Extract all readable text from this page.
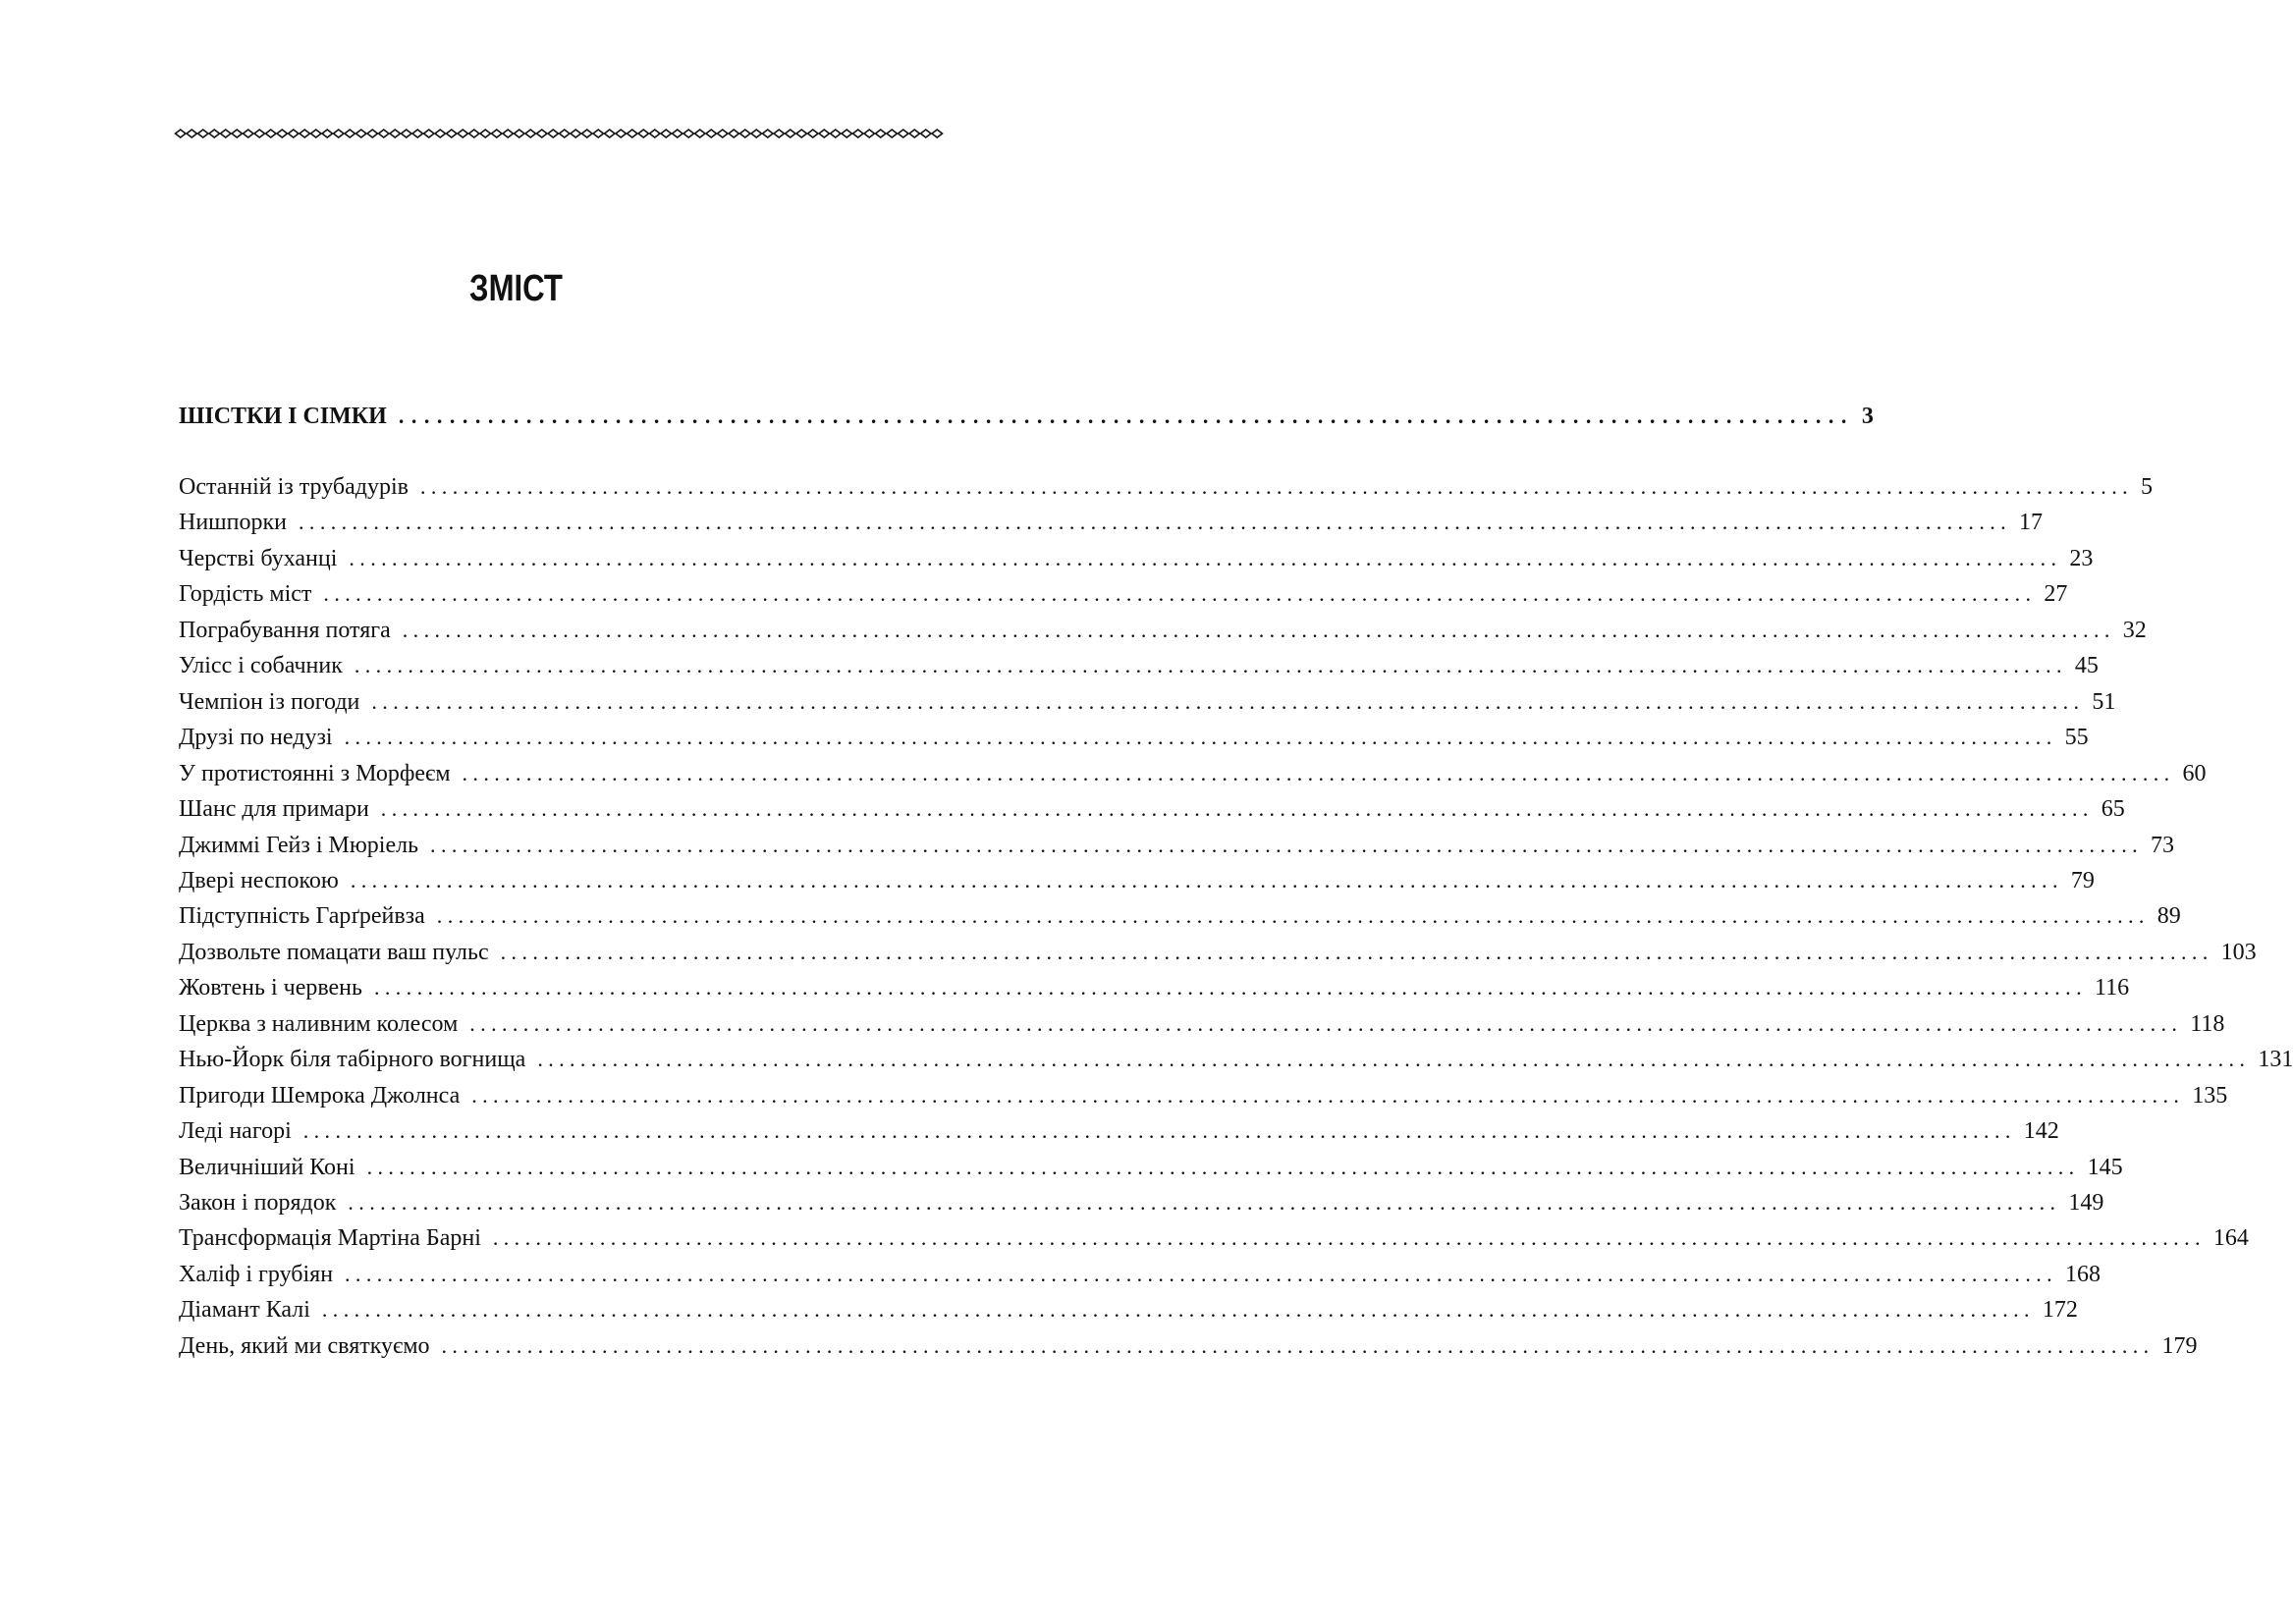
ЗМІСТ
ШІСТКИ І СІМКИ .................................................................................................................. 3
Останній із трубадурів ................................................................................................................................................................ 5
Нишпорки ................................................................................................................................................................ 17
Черстві буханці ................................................................................................................................................................ 23
Гордість міст ................................................................................................................................................................ 27
Пограбування потяга ................................................................................................................................................................ 32
Улісс і собачник ................................................................................................................................................................ 45
Чемпіон із погоди ................................................................................................................................................................ 51
Друзі по недузі ................................................................................................................................................................ 55
У протистоянні з Морфеєм ................................................................................................................................................................ 60
Шанс для примари ................................................................................................................................................................ 65
Джиммі Гейз і Мюріель ................................................................................................................................................................ 73
Двері неспокою ................................................................................................................................................................ 79
Підступність Гарґрейвза ................................................................................................................................................................ 89
Дозвольте помацати ваш пульс ................................................................................................................................................................ 103
Жовтень і червень ................................................................................................................................................................ 116
Церква з наливним колесом ................................................................................................................................................................ 118
Нью-Йорк біля табірного вогнища ................................................................................................................................................................ 131
Пригоди Шемрока Джолнса ................................................................................................................................................................ 135
Леді нагорі ................................................................................................................................................................ 142
Величніший Коні ................................................................................................................................................................ 145
Закон і порядок ................................................................................................................................................................ 149
Трансформація Мартіна Барні ................................................................................................................................................................ 164
Халіф і грубіян ................................................................................................................................................................ 168
Діамант Калі ................................................................................................................................................................ 172
День, який ми святкуємо ................................................................................................................................................................ 179
